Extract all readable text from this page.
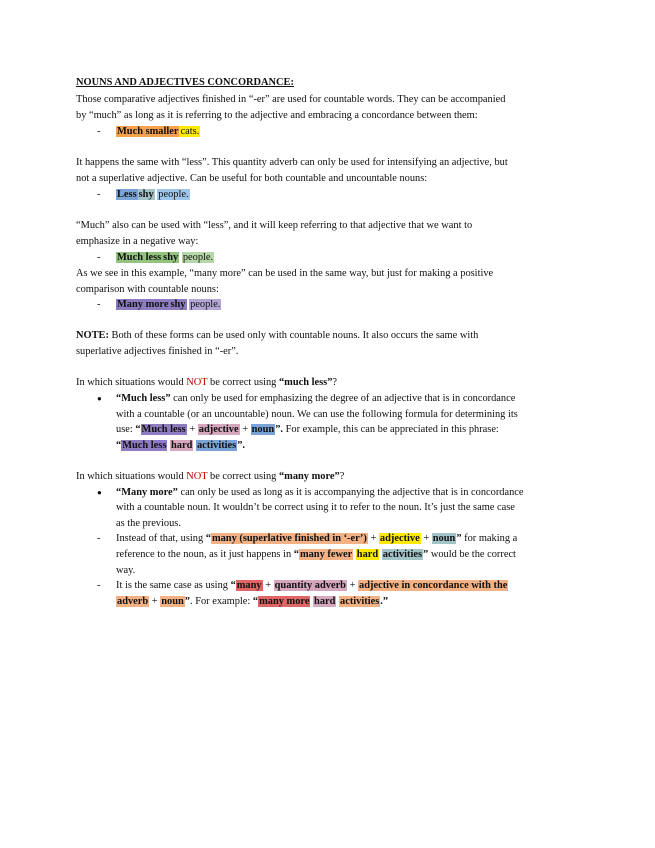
NOUNS AND ADJECTIVES CONCORDANCE:
Those comparative adjectives finished in “-er” are used for countable words. They can be accompanied
by “much” as long as it is referring to the adjective and embracing a concordance between them:
- Much smaller cats.
It happens the same with “less”. This quantity adverb can only be used for intensifying an adjective, but
not a superlative adjective. Can be useful for both countable and uncountable nouns:
- Less shy people.
“Much” also can be used with “less”, and it will keep referring to that adjective that we want to
emphasize in a negative way:
- Much less shy people.
As we see in this example, “many more” can be used in the same way, but just for making a positive
comparison with countable nouns:
- Many more shy people.
NOTE: Both of these forms can be used only with countable nouns. It also occurs the same with
superlative adjectives finished in “-er”.
In which situations would NOT be correct using “much less”?
● “Much less” can only be used for emphasizing the degree of an adjective that is in concordance
with a countable (or an uncountable) noun. We can use the following formula for determining its
use: “Much less + adjective + noun”. For example, this can be appreciated in this phrase:
“Much less hard activities”.
In which situations would NOT be correct using “many more”?
● “Many more” can only be used as long as it is accompanying the adjective that is in concordance
with a countable noun. It wouldn’t be correct using it to refer to the noun. It’s just the same case
as the previous.
- Instead of that, using “many (superlative finished in ‘-er’) + adjective + noun” for making a
reference to the noun, as it just happens in “many fewer hard activities” would be the correct
way.
- It is the same case as using “many + quantity adverb + adjective in concordance with the
adverb + noun”. For example: “many more hard activities.”
